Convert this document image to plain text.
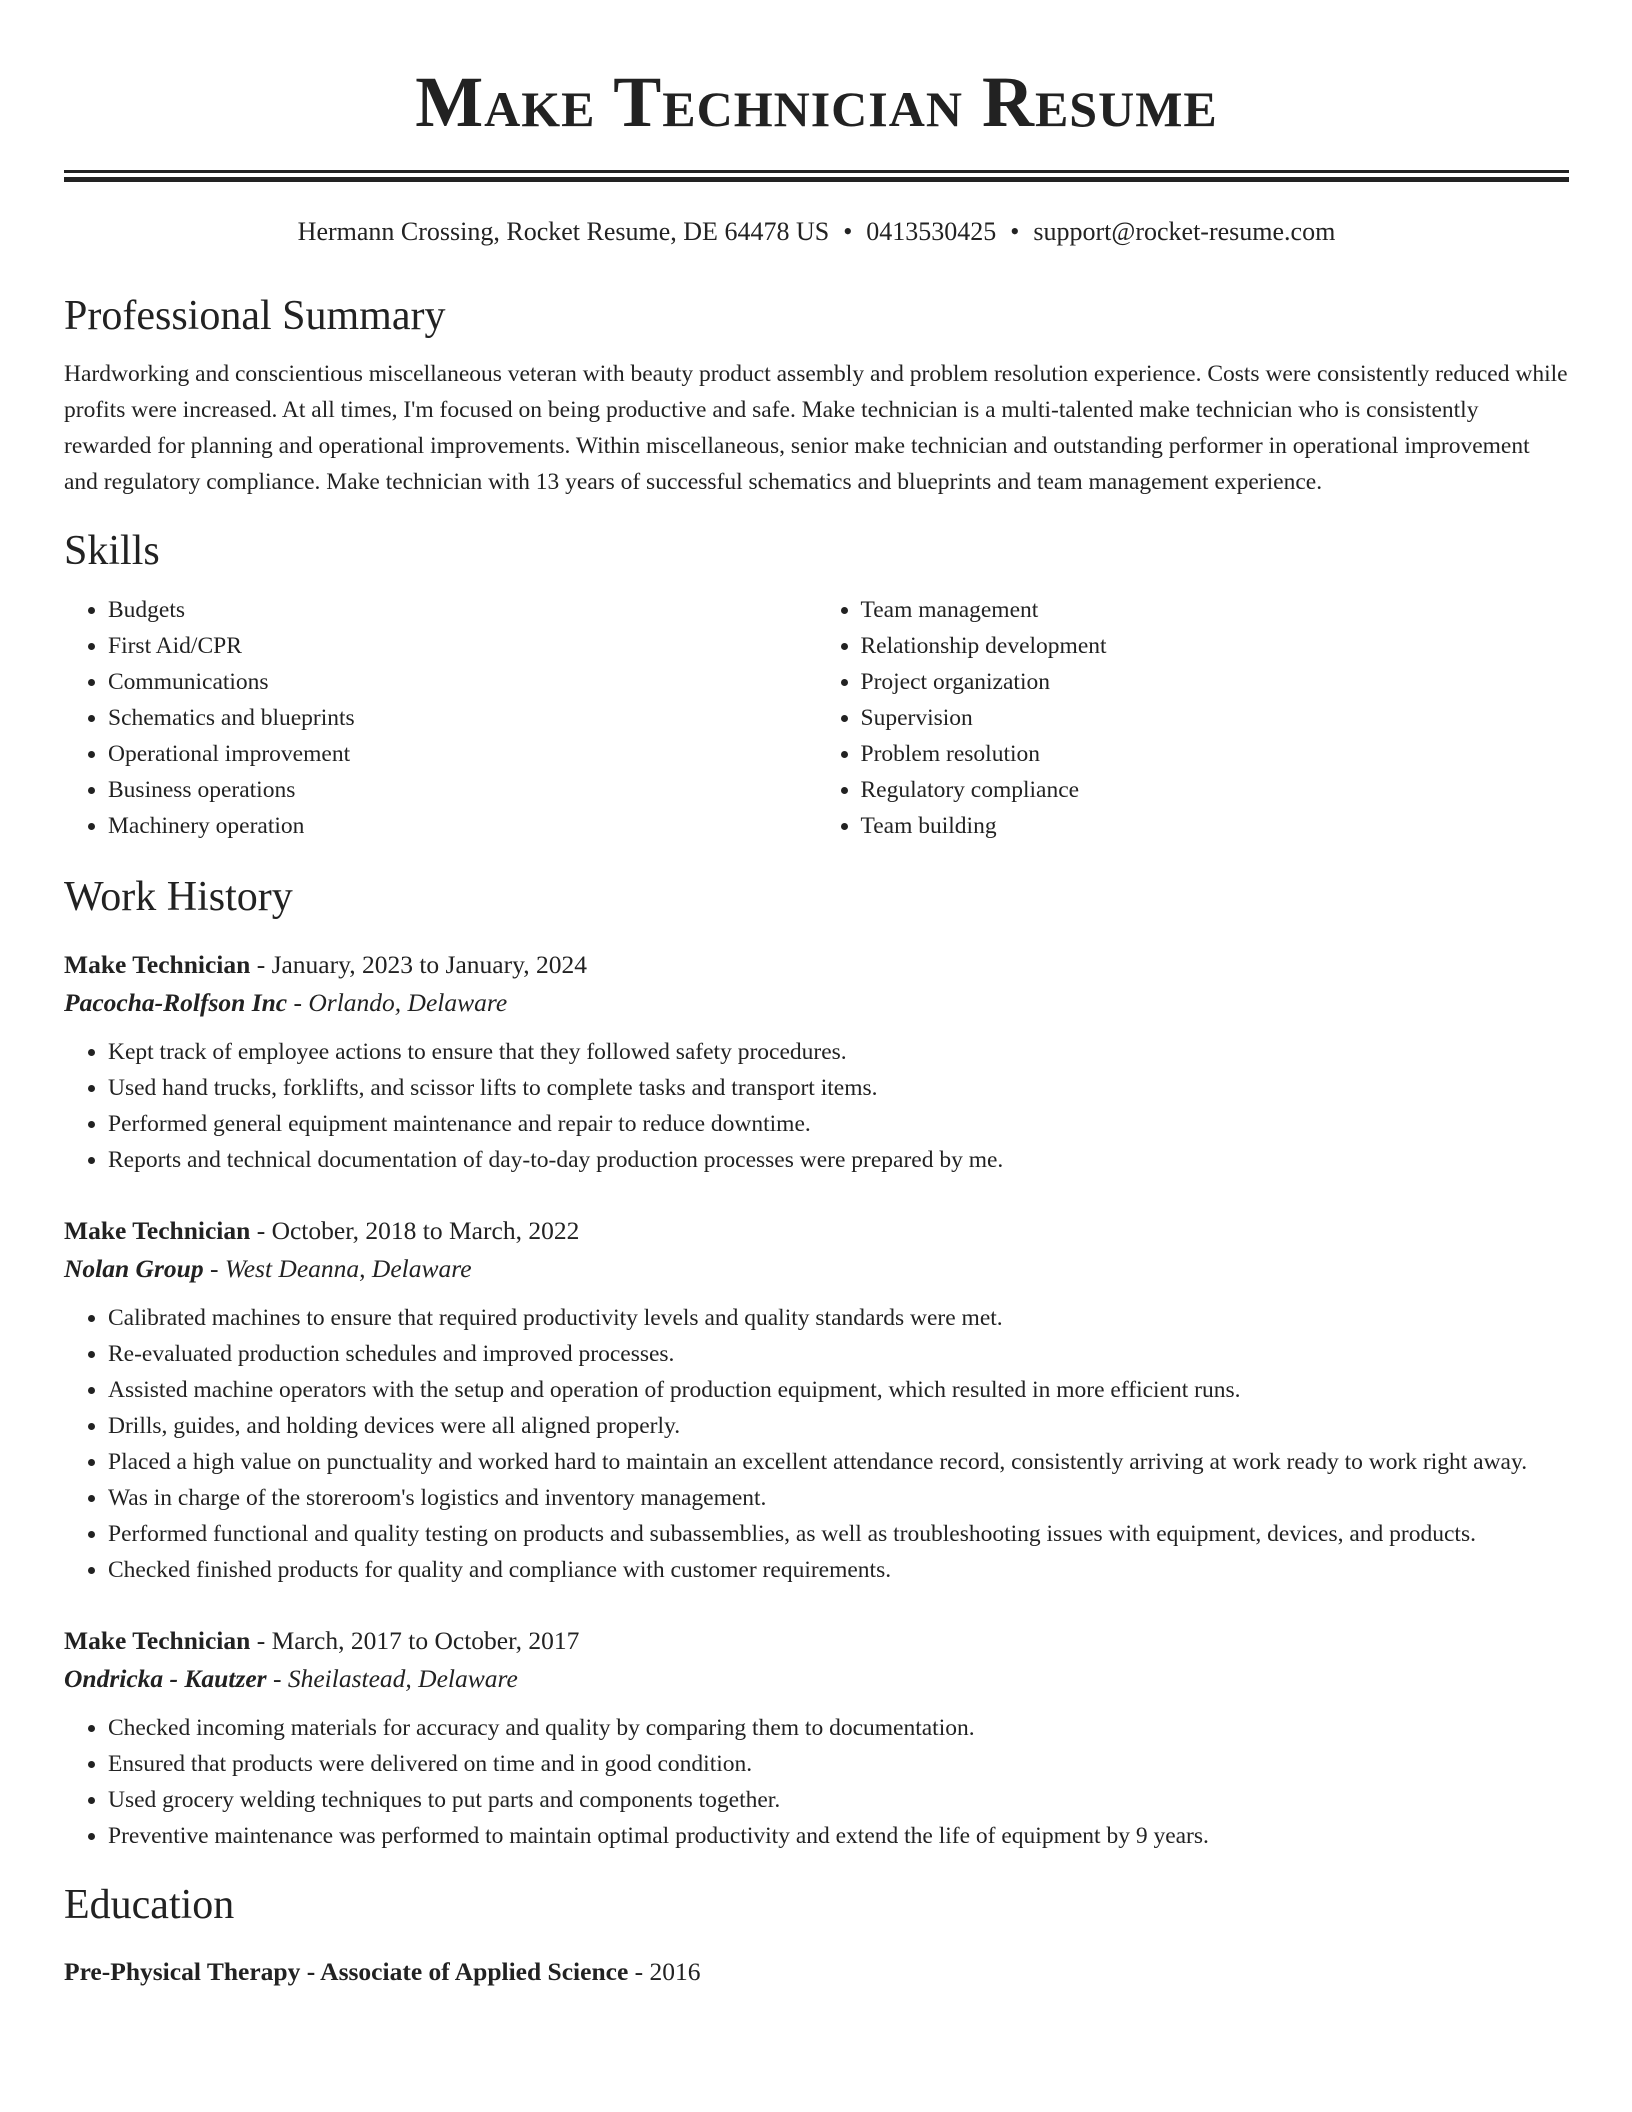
Make Technician Resume
Hermann Crossing, Rocket Resume, DE 64478 US • 0413530425 • support@rocket-resume.com
Professional Summary

Hardworking and conscientious miscellaneous veteran with beauty product assembly and problem resolution experience. Costs were consistently reduced while profits were increased. At all times, I'm focused on being productive and safe. Make technician is a multi-talented make technician who is consistently rewarded for planning and operational improvements. Within miscellaneous, senior make technician and outstanding performer in operational improvement and regulatory compliance. Make technician with 13 years of successful schematics and blueprints and team management experience.

Skills
• Budgets
• First Aid/CPR
• Communications
• Schematics and blueprints
• Operational improvement
• Business operations
• Machinery operation
• Team management
• Relationship development
• Project organization
• Supervision
• Problem resolution
• Regulatory compliance
• Team building
Work History
Make Technician - January, 2023 to January, 2024
Pacocha-Rolfson Inc - Orlando, Delaware
• Kept track of employee actions to ensure that they followed safety procedures.
• Used hand trucks, forklifts, and scissor lifts to complete tasks and transport items.
• Performed general equipment maintenance and repair to reduce downtime.
• Reports and technical documentation of day-to-day production processes were prepared by me.
Make Technician - October, 2018 to March, 2022
Nolan Group - West Deanna, Delaware
• Calibrated machines to ensure that required productivity levels and quality standards were met.
• Re-evaluated production schedules and improved processes.
• Assisted machine operators with the setup and operation of production equipment, which resulted in more efficient runs.
• Drills, guides, and holding devices were all aligned properly.
• Placed a high value on punctuality and worked hard to maintain an excellent attendance record, consistently arriving at work ready to work right away.
• Was in charge of the storeroom's logistics and inventory management.
• Performed functional and quality testing on products and subassemblies, as well as troubleshooting issues with equipment, devices, and products.
• Checked finished products for quality and compliance with customer requirements.
Make Technician - March, 2017 to October, 2017
Ondricka - Kautzer - Sheilastead, Delaware
• Checked incoming materials for accuracy and quality by comparing them to documentation.
• Ensured that products were delivered on time and in good condition.
• Used grocery welding techniques to put parts and components together.
• Preventive maintenance was performed to maintain optimal productivity and extend the life of equipment by 9 years.
Education
Pre-Physical Therapy - Associate of Applied Science - 2016
